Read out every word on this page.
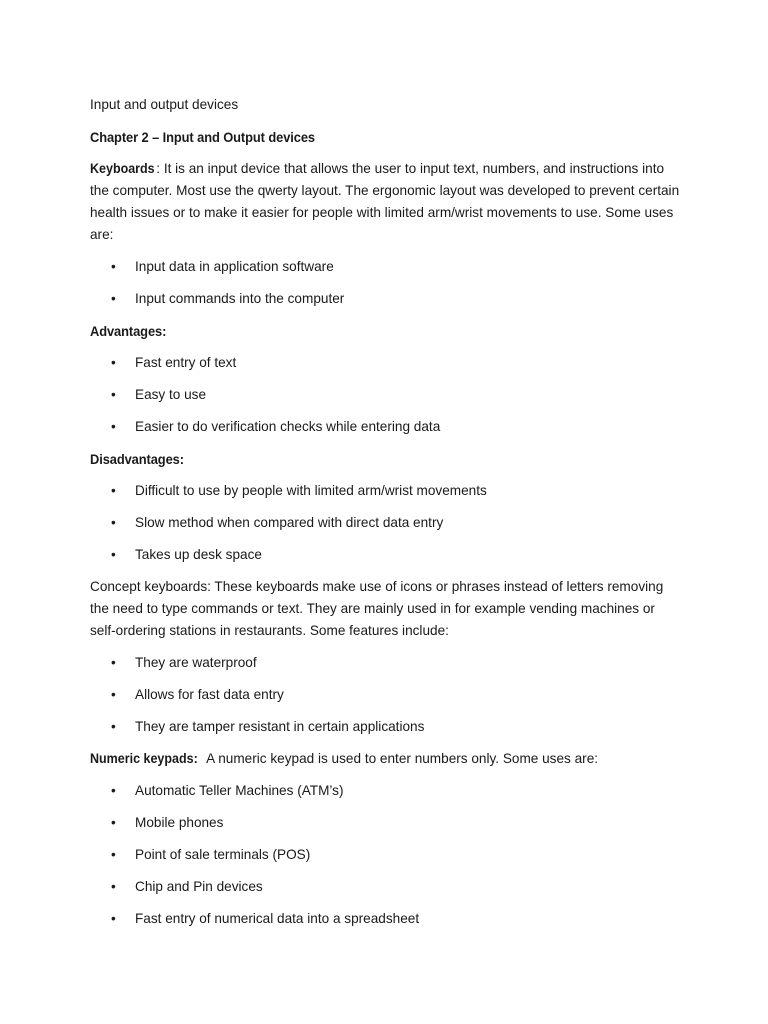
Input and output devices
Chapter 2 – Input and Output devices
Keyboards : It is an input device that allows the user to input text, numbers, and instructions into the computer. Most use the qwerty layout. The ergonomic layout was developed to prevent certain health issues or to make it easier for people with limited arm/wrist movements to use. Some uses are:
• Input data in application software
• Input commands into the computer
Advantages:
• Fast entry of text
• Easy to use
• Easier to do verification checks while entering data
Disadvantages:
• Difficult to use by people with limited arm/wrist movements
• Slow method when compared with direct data entry
• Takes up desk space
Concept keyboards: These keyboards make use of icons or phrases instead of letters removing the need to type commands or text. They are mainly used in for example vending machines or self-ordering stations in restaurants. Some features include:
• They are waterproof
• Allows for fast data entry
• They are tamper resistant in certain applications
Numeric keypads: A numeric keypad is used to enter numbers only. Some uses are:
• Automatic Teller Machines (ATM’s)
• Mobile phones
• Point of sale terminals (POS)
• Chip and Pin devices
• Fast entry of numerical data into a spreadsheet
